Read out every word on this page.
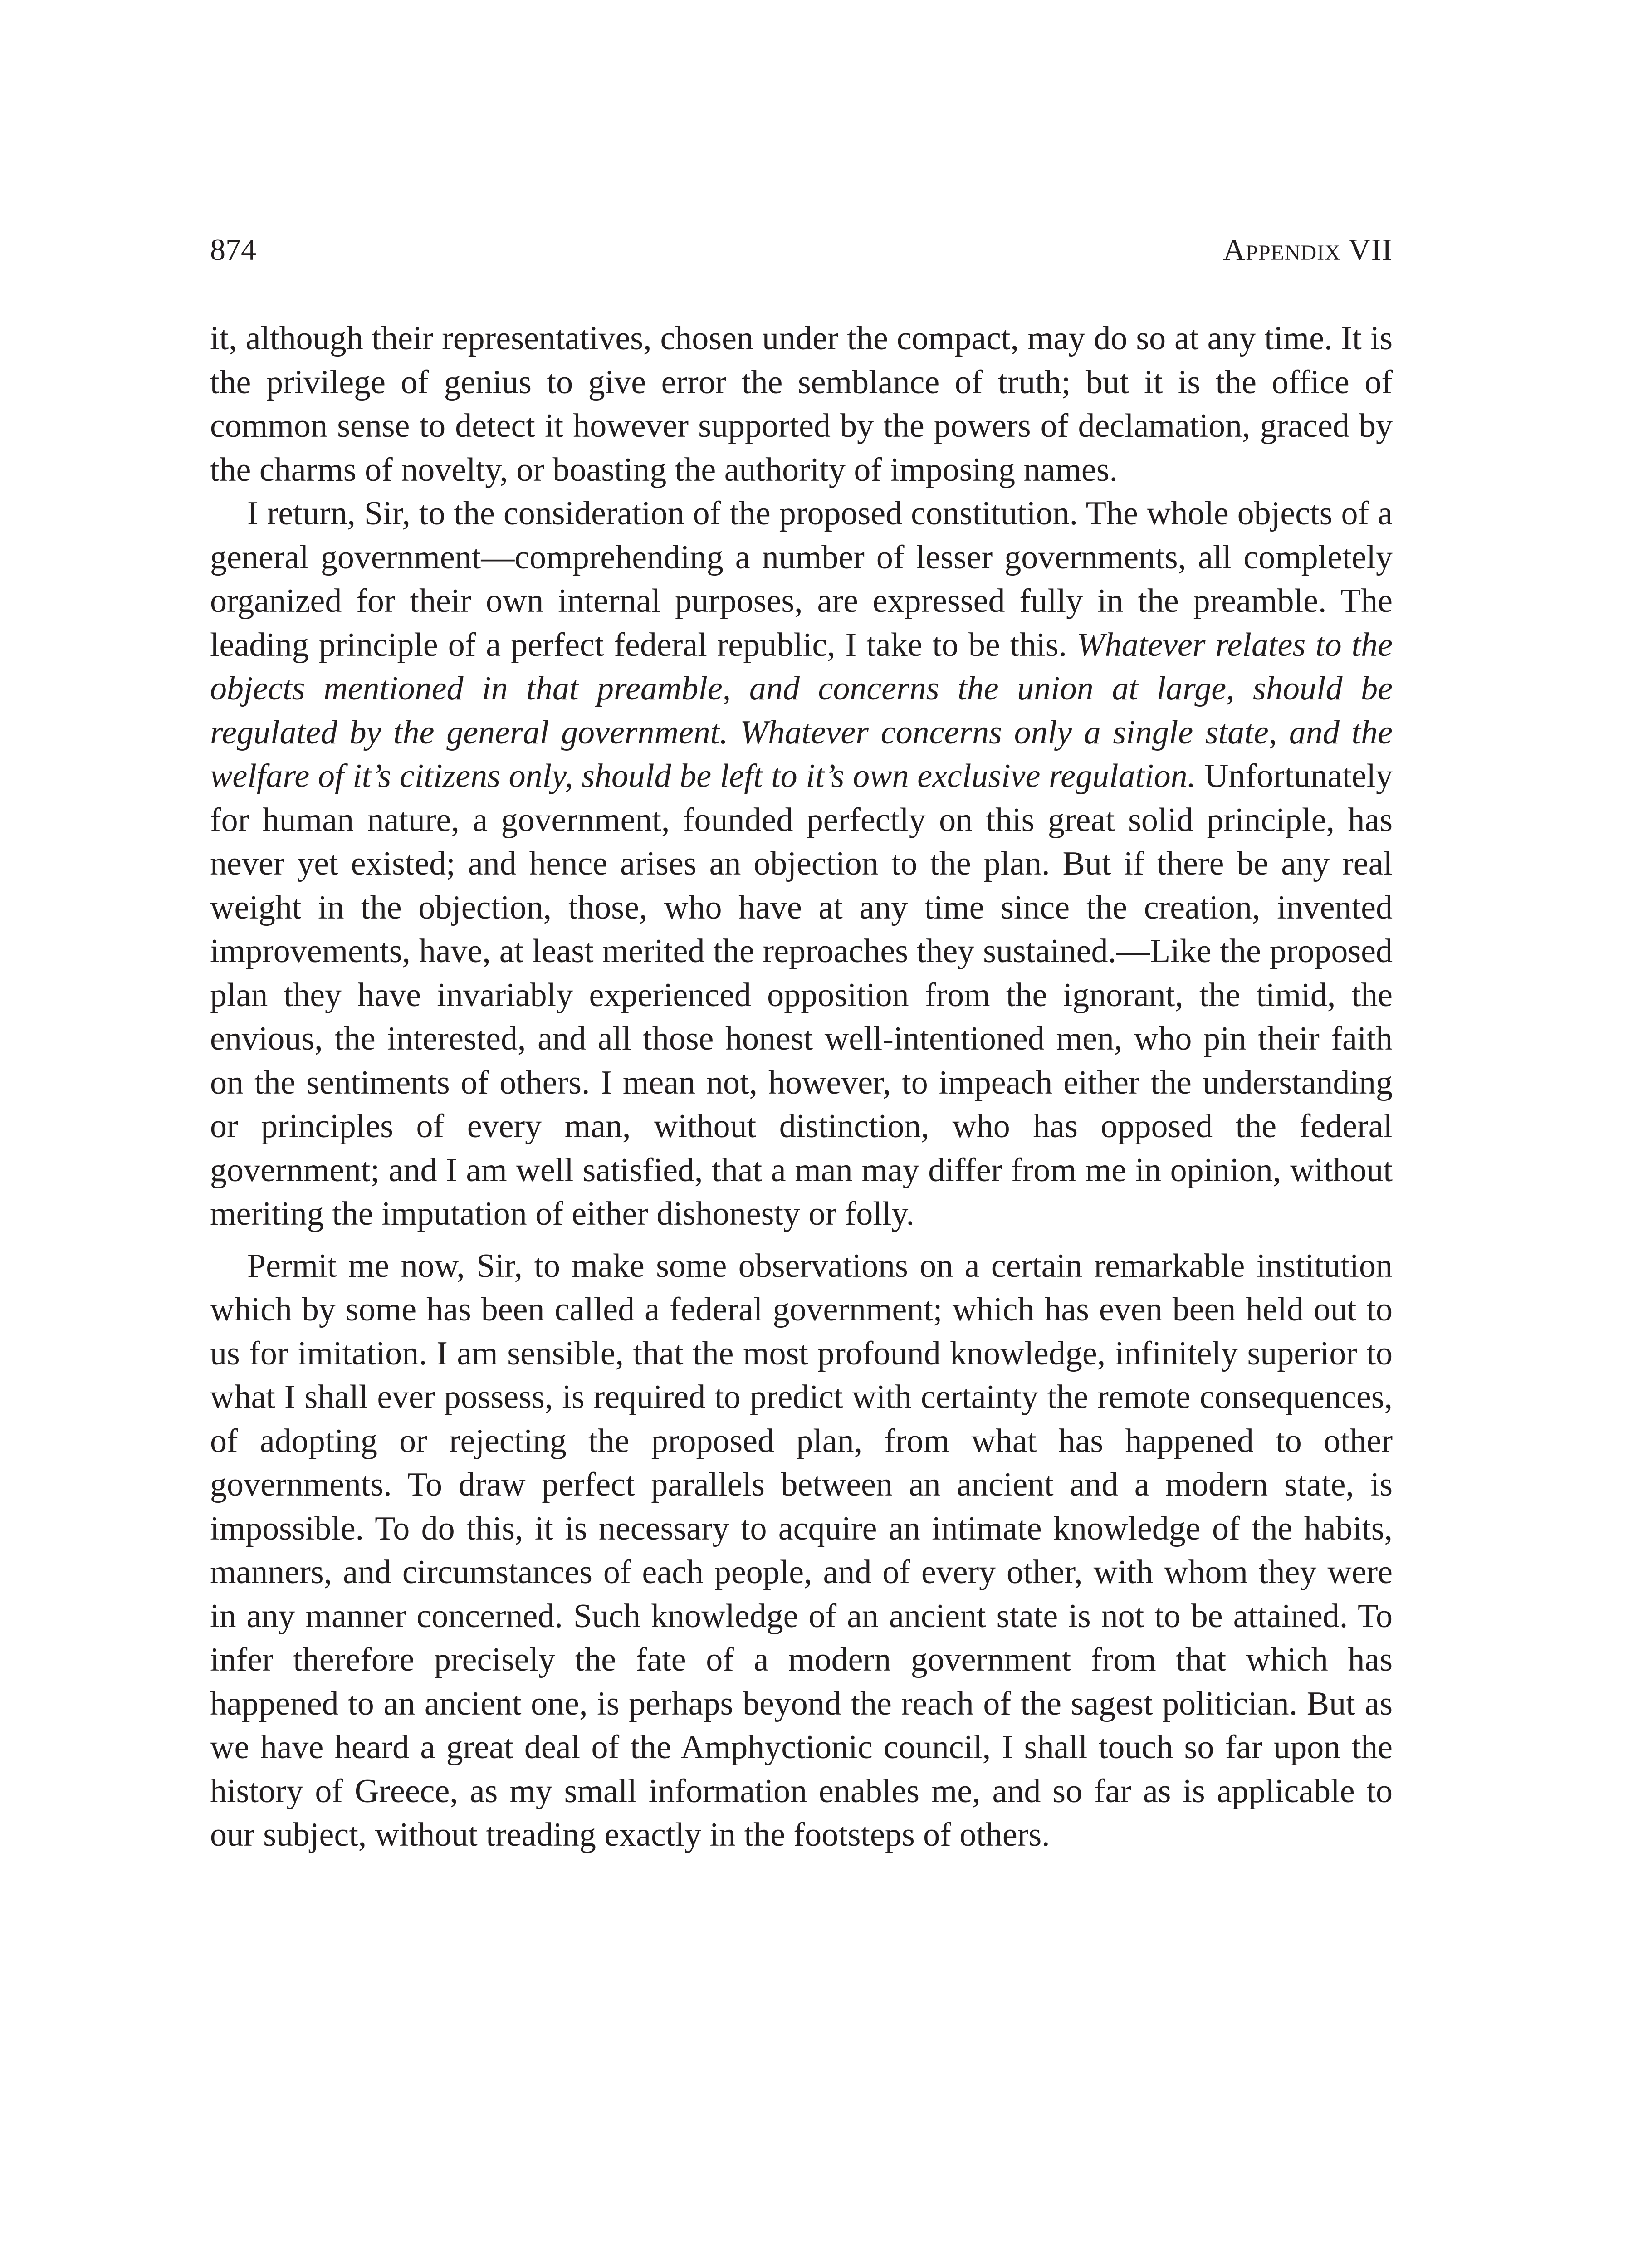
874	Appendix VII

it, although their representatives, chosen under the compact, may do so at any time. It is the privilege of genius to give error the semblance of truth; but it is the office of common sense to detect it however supported by the powers of declamation, graced by the charms of novelty, or boasting the authority of imposing names.

I return, Sir, to the consideration of the proposed constitution. The whole objects of a general government—comprehending a number of lesser governments, all completely organized for their own internal purposes, are expressed fully in the preamble. The leading principle of a perfect federal republic, I take to be this. Whatever relates to the objects mentioned in that preamble, and concerns the union at large, should be regulated by the general government. Whatever concerns only a single state, and the welfare of it’s citizens only, should be left to it’s own exclusive regulation. Unfortunately for human nature, a government, founded perfectly on this great solid principle, has never yet existed; and hence arises an objection to the plan. But if there be any real weight in the objection, those, who have at any time since the creation, invented improvements, have, at least merited the reproaches they sustained.—Like the proposed plan they have invariably experienced opposition from the ignorant, the timid, the envious, the interested, and all those honest well-intentioned men, who pin their faith on the sentiments of others. I mean not, however, to impeach either the understanding or principles of every man, without distinction, who has opposed the federal government; and I am well satisfied, that a man may differ from me in opinion, without meriting the imputation of either dishonesty or folly.

Permit me now, Sir, to make some observations on a certain remarkable institution which by some has been called a federal government; which has even been held out to us for imitation. I am sensible, that the most profound knowledge, infinitely superior to what I shall ever possess, is required to predict with certainty the remote consequences, of adopting or rejecting the proposed plan, from what has happened to other governments. To draw perfect parallels between an ancient and a modern state, is impossible. To do this, it is necessary to acquire an intimate knowledge of the habits, manners, and circumstances of each people, and of every other, with whom they were in any manner concerned. Such knowledge of an ancient state is not to be attained. To infer therefore precisely the fate of a modern government from that which has happened to an ancient one, is perhaps beyond the reach of the sagest politician. But as we have heard a great deal of the Amphyctionic council, I shall touch so far upon the history of Greece, as my small information enables me, and so far as is applicable to our subject, without treading exactly in the footsteps of others.
